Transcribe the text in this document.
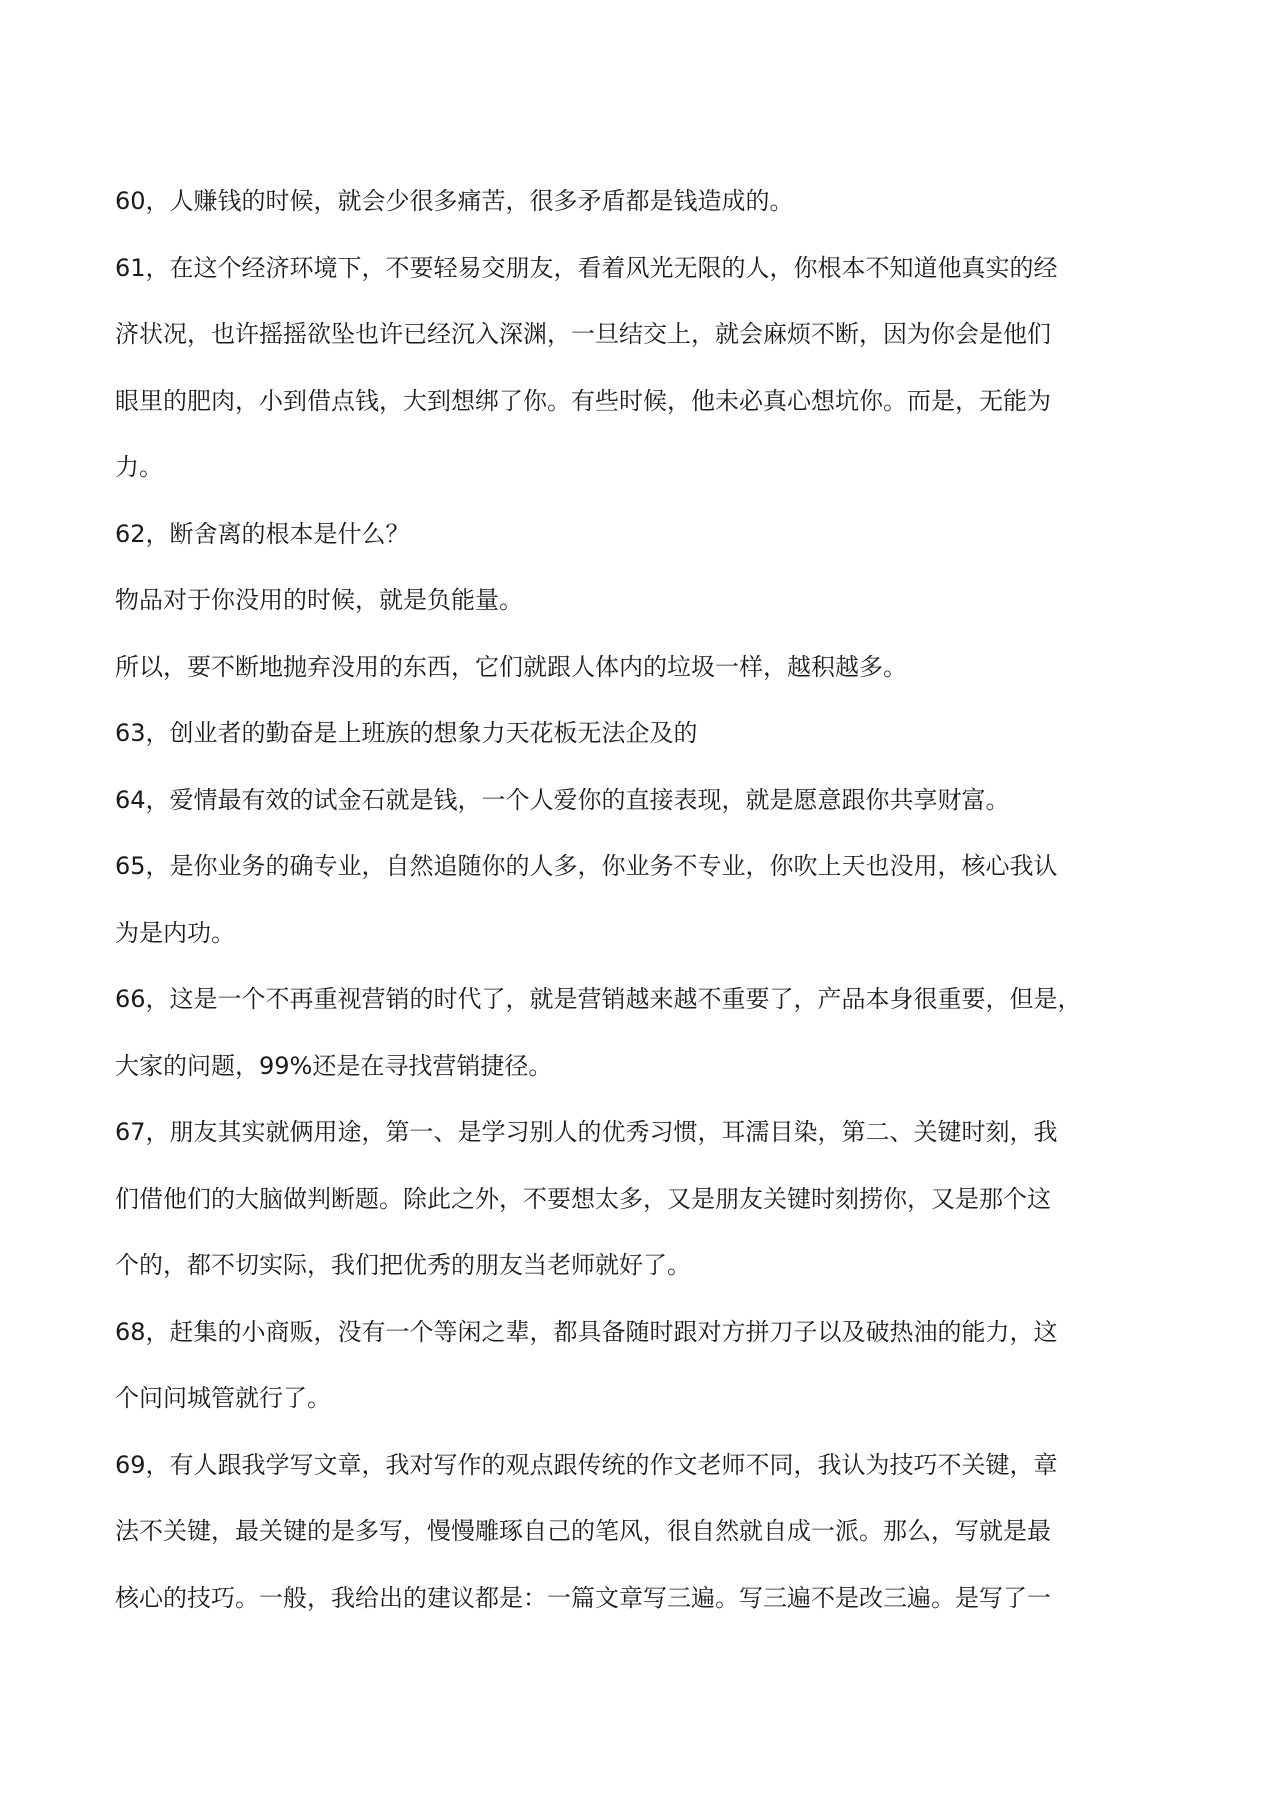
60，人赚钱的时候，就会少很多痛苦，很多矛盾都是钱造成的。
61，在这个经济环境下，不要轻易交朋友，看着风光无限的人，你根本不知道他真实的经
济状况，也许摇摇欲坠也许已经沉入深渊，一旦结交上，就会麻烦不断，因为你会是他们
眼里的肥肉，小到借点钱，大到想绑了你。有些时候，他未必真心想坑你。而是，无能为
力。
62，断舍离的根本是什么？
物品对于你没用的时候，就是负能量。
所以，要不断地抛弃没用的东西，它们就跟人体内的垃圾一样，越积越多。
63，创业者的勤奋是上班族的想象力天花板无法企及的
64，爱情最有效的试金石就是钱，一个人爱你的直接表现，就是愿意跟你共享财富。
65，是你业务的确专业，自然追随你的人多，你业务不专业，你吹上天也没用，核心我认
为是内功。
66，这是一个不再重视营销的时代了，就是营销越来越不重要了，产品本身很重要，但是，
大家的问题，99%还是在寻找营销捷径。
67，朋友其实就俩用途，第一、是学习别人的优秀习惯，耳濡目染，第二、关键时刻，我
们借他们的大脑做判断题。除此之外，不要想太多，又是朋友关键时刻捞你，又是那个这
个的，都不切实际，我们把优秀的朋友当老师就好了。
68，赶集的小商贩，没有一个等闲之辈，都具备随时跟对方拼刀子以及破热油的能力，这
个问问城管就行了。
69，有人跟我学写文章，我对写作的观点跟传统的作文老师不同，我认为技巧不关键，章
法不关键，最关键的是多写，慢慢雕琢自己的笔风，很自然就自成一派。那么，写就是最
核心的技巧。一般，我给出的建议都是：一篇文章写三遍。写三遍不是改三遍。是写了一
